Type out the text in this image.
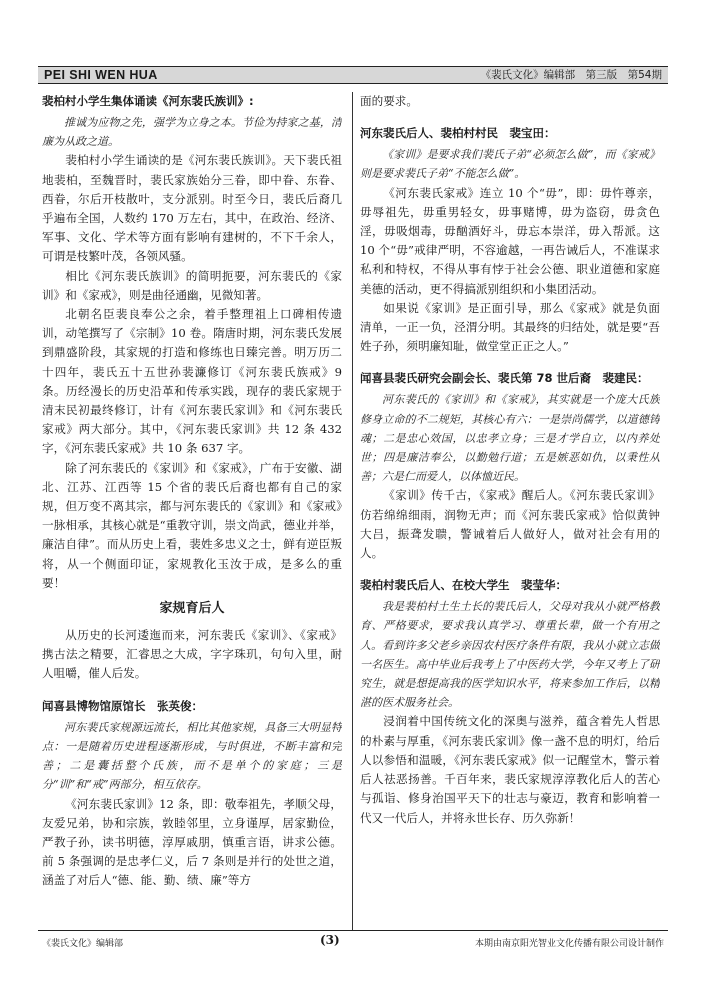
PEI SHI WEN HUA	《裴氏文化》编辑部　第三版　第54期
裴柏村小学生集体诵读《河东裴氏族训》:

推诚为应物之先，强学为立身之本。节俭为持家之基，清廉为从政之道。

裴柏村小学生诵读的是《河东裴氏族训》。天下裴氏祖地裴柏，至魏晋时，裴氏家族始分三眷，即中眷、东眷、西眷，尔后开枝散叶，支分派别。时至今日，裴氏后裔几乎遍布全国，人数约 170 万左右，其中，在政治、经济、军事、文化、学术等方面有影响有建树的，不下千余人，可谓是枝繁叶茂，各领风骚。

相比《河东裴氏族训》的简明扼要，河东裴氏的《家训》和《家戒》，则是曲径通幽，见微知著。

北朝名臣裴良奉公之余，着手整理祖上口碑相传遗训，动笔撰写了《宗制》10 卷。隋唐时期，河东裴氏发展到鼎盛阶段，其家规的打造和修练也日臻完善。明万历二十四年，裴氏五十五世孙裴濂修订《河东裴氏族戒》9 条。历经漫长的历史沿革和传承实践，现存的裴氏家规于清末民初最终修订，计有《河东裴氏家训》和《河东裴氏家戒》两大部分。其中，《河东裴氏家训》共 12 条 432 字，《河东裴氏家戒》共 10 条 637 字。

除了河东裴氏的《家训》和《家戒》，广布于安徽、湖北、江苏、江西等 15 个省的裴氏后裔也都有自己的家规，但万变不离其宗，都与河东裴氏的《家训》和《家戒》一脉相承，其核心就是“重教守训，崇文尚武，德业并举，廉洁自律”。而从历史上看，裴姓多忠义之士，鲜有逆臣叛将，从一个侧面印证，家规教化玉汝于成，是多么的重要！

家规育后人

从历史的长河逶迤而来，河东裴氏《家训》、《家戒》携古法之精要，汇睿思之大成，字字珠玑，句句入里，耐人咀嚼，催人后发。

闻喜县博物馆原馆长　张英俊：

河东裴氏家规源远流长，相比其他家规，具备三大明显特点：一是随着历史进程逐渐形成，与时俱进，不断丰富和完善；二是囊括整个氏族，而不是单个的家庭；三是分“训”和“戒”两部分，相互依存。

《河东裴氏家训》12 条，即：敬奉祖先，孝顺父母，友爱兄弟，协和宗族，敦睦邻里，立身谨厚，居家勤俭，严教子孙，读书明德，淳厚戚朋，慎重言语，讲求公德。前 5 条强调的是忠孝仁义，后 7 条则是并行的处世之道，涵盖了对后人“德、能、勤、绩、廉”等方

面的要求。

河东裴氏后人、裴柏村村民　裴宝田：

《家训》是要求我们裴氏子弟“必须怎么做”，而《家戒》则是要求裴氏子弟“不能怎么做”。

《河东裴氏家戒》连立 10 个“毋”，即：毋忤尊亲，毋辱祖先，毋重男轻女，毋事赌博，毋为盗窃，毋贪色淫，毋吸烟毒，毋酗酒好斗，毋忘本崇洋，毋入帮派。这 10 个“毋”戒律严明，不容逾越，一再告诫后人，不准谋求私利和特权，不得从事有悖于社会公德、职业道德和家庭美德的活动，更不得搞派别组织和小集团活动。

如果说《家训》是正面引导，那么《家戒》就是负面清单，一正一负，泾渭分明。其最终的归结处，就是要“吾姓子孙，须明廉知耻，做堂堂正正之人。”

闻喜县裴氏研究会副会长、裴氏第 78 世后裔　裴建民：

河东裴氏的《家训》和《家戒》，其实就是一个庞大氏族修身立命的不二规矩，其核心有六：一是崇尚儒学，以道德铸魂；二是忠心效国，以忠孝立身；三是才学自立，以内养处世；四是廉洁奉公，以勤勉行道；五是嫉恶如仇，以秉性从善；六是仁而爱人，以体恤近民。

《家训》传千古，《家戒》醒后人。《河东裴氏家训》仿若绵绵细雨，润物无声；而《河东裴氏家戒》恰似黄钟大吕，振聋发聩，警诫着后人做好人，做对社会有用的人。

裴柏村裴氏后人、在校大学生　裴莹华：

我是裴柏村土生土长的裴氏后人，父母对我从小就严格教育、严格要求，要求我认真学习、尊重长辈，做一个有用之人。看到许多父老乡亲因农村医疗条件有限，我从小就立志做一名医生。高中毕业后我考上了中医药大学，今年又考上了研究生，就是想提高我的医学知识水平，将来参加工作后，以精湛的医术服务社会。

浸润着中国传统文化的深奥与滋养，蕴含着先人哲思的朴素与厚重，《河东裴氏家训》像一盏不息的明灯，给后人以参悟和温暖，《河东裴氏家戒》似一记醒堂木，警示着后人祛恶扬善。千百年来，裴氏家规淳淳教化后人的苦心与孤诣、修身治国平天下的壮志与豪迈，教育和影响着一代又一代后人，并将永世长存、历久弥新！

《裴氏文化》编辑部	(3)	本期由南京阳光智业文化传播有限公司设计制作
